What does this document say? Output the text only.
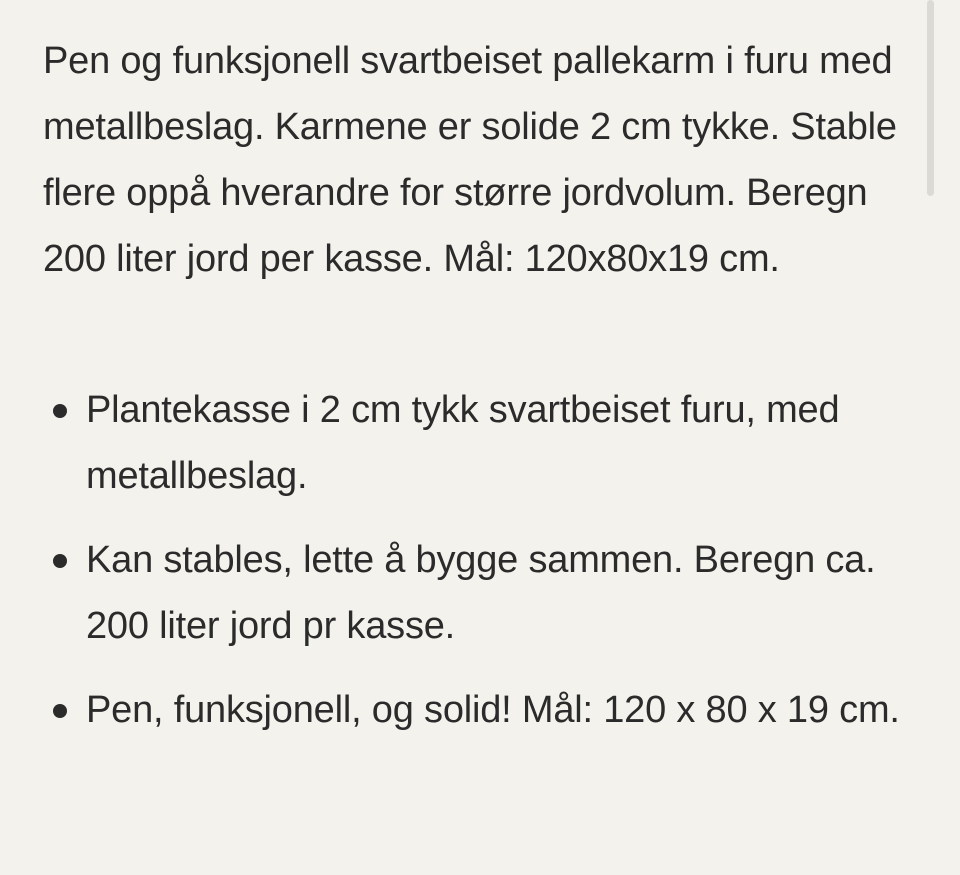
Pen og funksjonell svartbeiset pallekarm i furu med metallbeslag. Karmene er solide 2 cm tykke. Stable flere oppå hverandre for større jordvolum. Beregn 200 liter jord per kasse. Mål: 120x80x19 cm.

Plantekasse i 2 cm tykk svartbeiset furu, med metallbeslag.
Kan stables, lette å bygge sammen. Beregn ca. 200 liter jord pr kasse.
Pen, funksjonell, og solid! Mål: 120 x 80 x 19 cm.
